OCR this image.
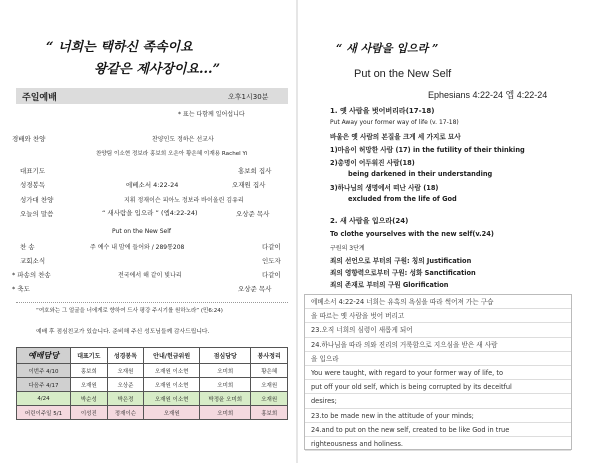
“ 너희는 택하신 족속이요
왕같은 제사장이요...”
주일예배	오후1시30분
* 표는 다함께 일어섭니다
경배와 찬양	찬양인도 정하은 선교사
찬양팀 이소현 정보라 홍보희 오은아 황은혜 이재용 Rachel Yi
대표기도	홍보희 집사
성경봉독	에베소서 4:22-24	오재원 집사
성가대 찬양	지휘 정재이슨 피아노 정보라 바이올린 김유리
오늘의 말씀	“ 새사람을 입으라 ” (엡4:22-24)	오상준 목사
Put on the New Self
찬 송	주 예수 내 맘에 들어와 / 289통208	다같이
교회소식	인도자
* 파송의 찬송	전국에서 해 같이 빛나리	다같이
* 축도	오상준 목사
“여호와는 그 얼굴을 너에게로 향하여 드사 평강 주시기를 원하노라” (민6:24)
예배 후 점심친교가 있습니다. 준비해 주신 성도님들께 감사드립니다.
예배담당	대표기도	성경봉독	안내/헌금위원	점심담당	봉사정리
이번주 4/10	홍보희	오재원	오재원 이소현	오미희	황은혜
다음주 4/17	오재원	오상준	오재원 이소현	오미희	오재원
4/24	박순성	박은정	오재원 이소현	박정윤 오미희	오재원
어린이주일 5/1	이성진	정재이슨	오재원	오미희	홍보희
“ 새 사람을 입으라 ”
Put on the New Self
Ephesians 4:22-24 엡 4:22-24
1. 옛 사람을 벗어버리라(17-18)
Put Away your former way of life (v. 17-18)
바울은 옛 사람의 본질을 크게 세 가지로 묘사
1)마음이 허망한 사람 (17) in the futility of their thinking
2)총명이 어두워진 사람(18)
being darkened in their understanding
3)하나님의 생명에서 떠난 사람 (18)
excluded from the life of God
2. 새 사람을 입으라(24)
To clothe yourselves with the new self(v.24)
구원의 3단계
죄의 선언으로 부터의 구원: 칭의 Justification
죄의 영향력으로부터 구원: 성화 Sanctification
죄의 존재로 부터의 구원 Glorification
에베소서 4:22-24 너희는 유혹의 욕심을 따라 썩어져 가는 구습
을 따르는 옛 사람을 벗어 버리고
23.오직 너희의 심령이 새롭게 되어
24.하나님을 따라 의와 진리의 거룩함으로 지으심을 받은 새 사람
을 입으라
You were taught, with regard to your former way of life, to
put off your old self, which is being corrupted by its deceitful
desires;
23.to be made new in the attitude of your minds;
24.and to put on the new self, created to be like God in true
righteousness and holiness.
